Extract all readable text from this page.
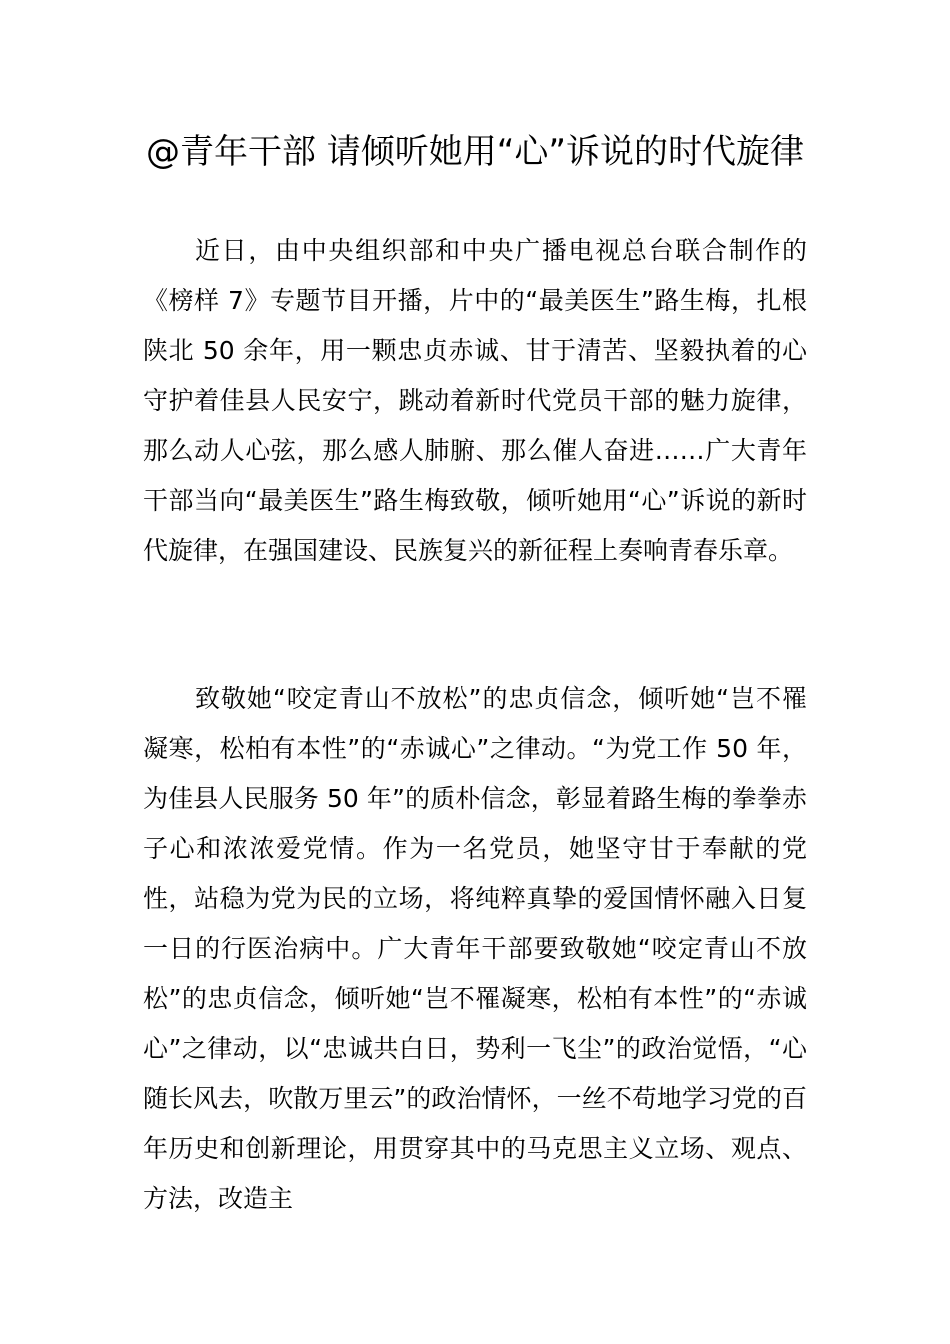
@青年干部 请倾听她用“心”诉说的时代旋律

近日，由中央组织部和中央广播电视总台联合制作的《榜样 7》专题节目开播，片中的“最美医生”路生梅，扎根陕北 50 余年，用一颗忠贞赤诚、甘于清苦、坚毅执着的心守护着佳县人民安宁，跳动着新时代党员干部的魅力旋律，那么动人心弦，那么感人肺腑、那么催人奋进……广大青年干部当向“最美医生”路生梅致敬，倾听她用“心”诉说的新时代旋律，在强国建设、民族复兴的新征程上奏响青春乐章。

致敬她“咬定青山不放松”的忠贞信念，倾听她“岂不罹凝寒，松柏有本性”的“赤诚心”之律动。“为党工作 50 年，为佳县人民服务 50 年”的质朴信念，彰显着路生梅的拳拳赤子心和浓浓爱党情。作为一名党员，她坚守甘于奉献的党性，站稳为党为民的立场，将纯粹真挚的爱国情怀融入日复一日的行医治病中。广大青年干部要致敬她“咬定青山不放松”的忠贞信念，倾听她“岂不罹凝寒，松柏有本性”的“赤诚心”之律动，以“忠诚共白日，势利一飞尘”的政治觉悟，“心随长风去，吹散万里云”的政治情怀，一丝不苟地学习党的百年历史和创新理论，用贯穿其中的马克思主义立场、观点、方法，改造主
